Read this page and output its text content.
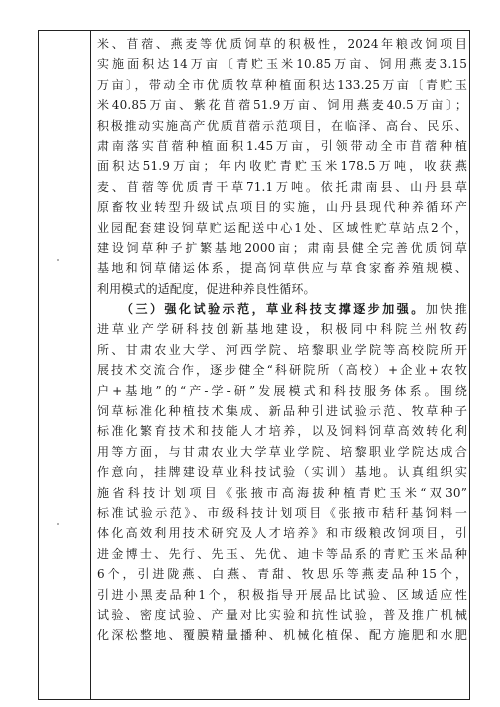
米、苜蓿、燕麦等优质饲草的积极性，2024年粮改饲项目
实施面积达14万亩〔青贮玉米10.85万亩、饲用燕麦3.15
万亩〕，带动全市优质牧草种植面积达133.25万亩〔青贮玉
米40.85万亩、紫花苜蓿51.9万亩、饲用燕麦40.5万亩〕；
积极推动实施高产优质苜蓿示范项目，在临泽、高台、民乐、
肃南落实苜蓿种植面积1.45万亩，引领带动全市苜蓿种植
面积达51.9万亩；年内收贮青贮玉米178.5万吨，收获燕
麦、苜蓿等优质青干草71.1万吨。依托肃南县、山丹县草
原畜牧业转型升级试点项目的实施，山丹县现代种养循环产
业园配套建设饲草贮运配送中心1处、区域性贮草站点2个，
建设饲草种子扩繁基地2000亩；肃南县健全完善优质饲草
基地和饲草储运体系，提高饲草供应与草食家畜养殖规模、
利用模式的适配度，促进种养良性循环。
（三）强化试验示范，草业科技支撑逐步加强。加快推
进草业产学研科技创新基地建设，积极同中科院兰州牧药
所、甘肃农业大学、河西学院、培黎职业学院等高校院所开
展技术交流合作，逐步健全“科研院所（高校）+企业+农牧
户+基地”的“产-学-研”发展模式和科技服务体系。围绕
饲草标准化种植技术集成、新品种引进试验示范、牧草种子
标准化繁育技术和技能人才培养，以及饲料饲草高效转化利
用等方面，与甘肃农业大学草业学院、培黎职业学院达成合
作意向，挂牌建设草业科技试验（实训）基地。认真组织实
施省科技计划项目《张掖市高海拔种植青贮玉米“双30”
标准试验示范》、市级科技计划项目《张掖市秸秆基饲料一
体化高效利用技术研究及人才培养》和市级粮改饲项目，引
进金博士、先行、先玉、先优、迪卡等品系的青贮玉米品种
6个，引进陇燕、白燕、青甜、牧思乐等燕麦品种15个，
引进小黑麦品种1个，积极指导开展品比试验、区域适应性
试验、密度试验、产量对比实验和抗性试验，普及推广机械
化深松整地、覆膜精量播种、机械化植保、配方施肥和水肥
